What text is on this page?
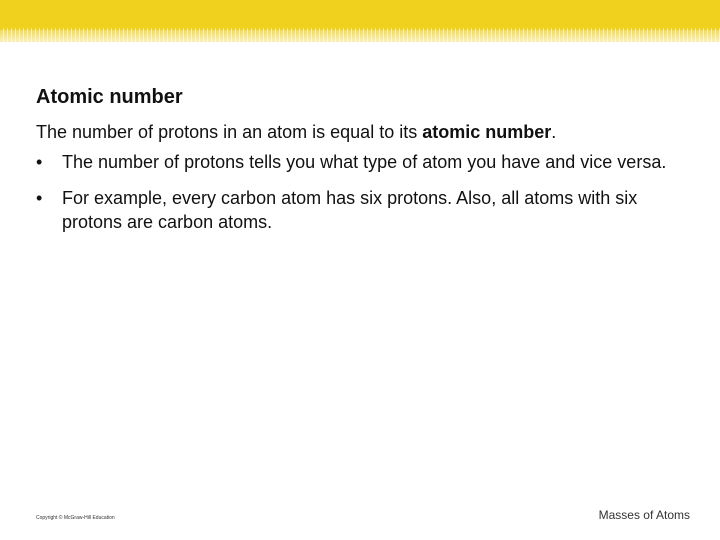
Atomic number

The number of protons in an atom is equal to its atomic number.

• The number of protons tells you what type of atom you have and vice versa.
• For example, every carbon atom has six protons. Also, all atoms with six protons are carbon atoms.
Copyright © McGraw-Hill Education	Masses of Atoms
